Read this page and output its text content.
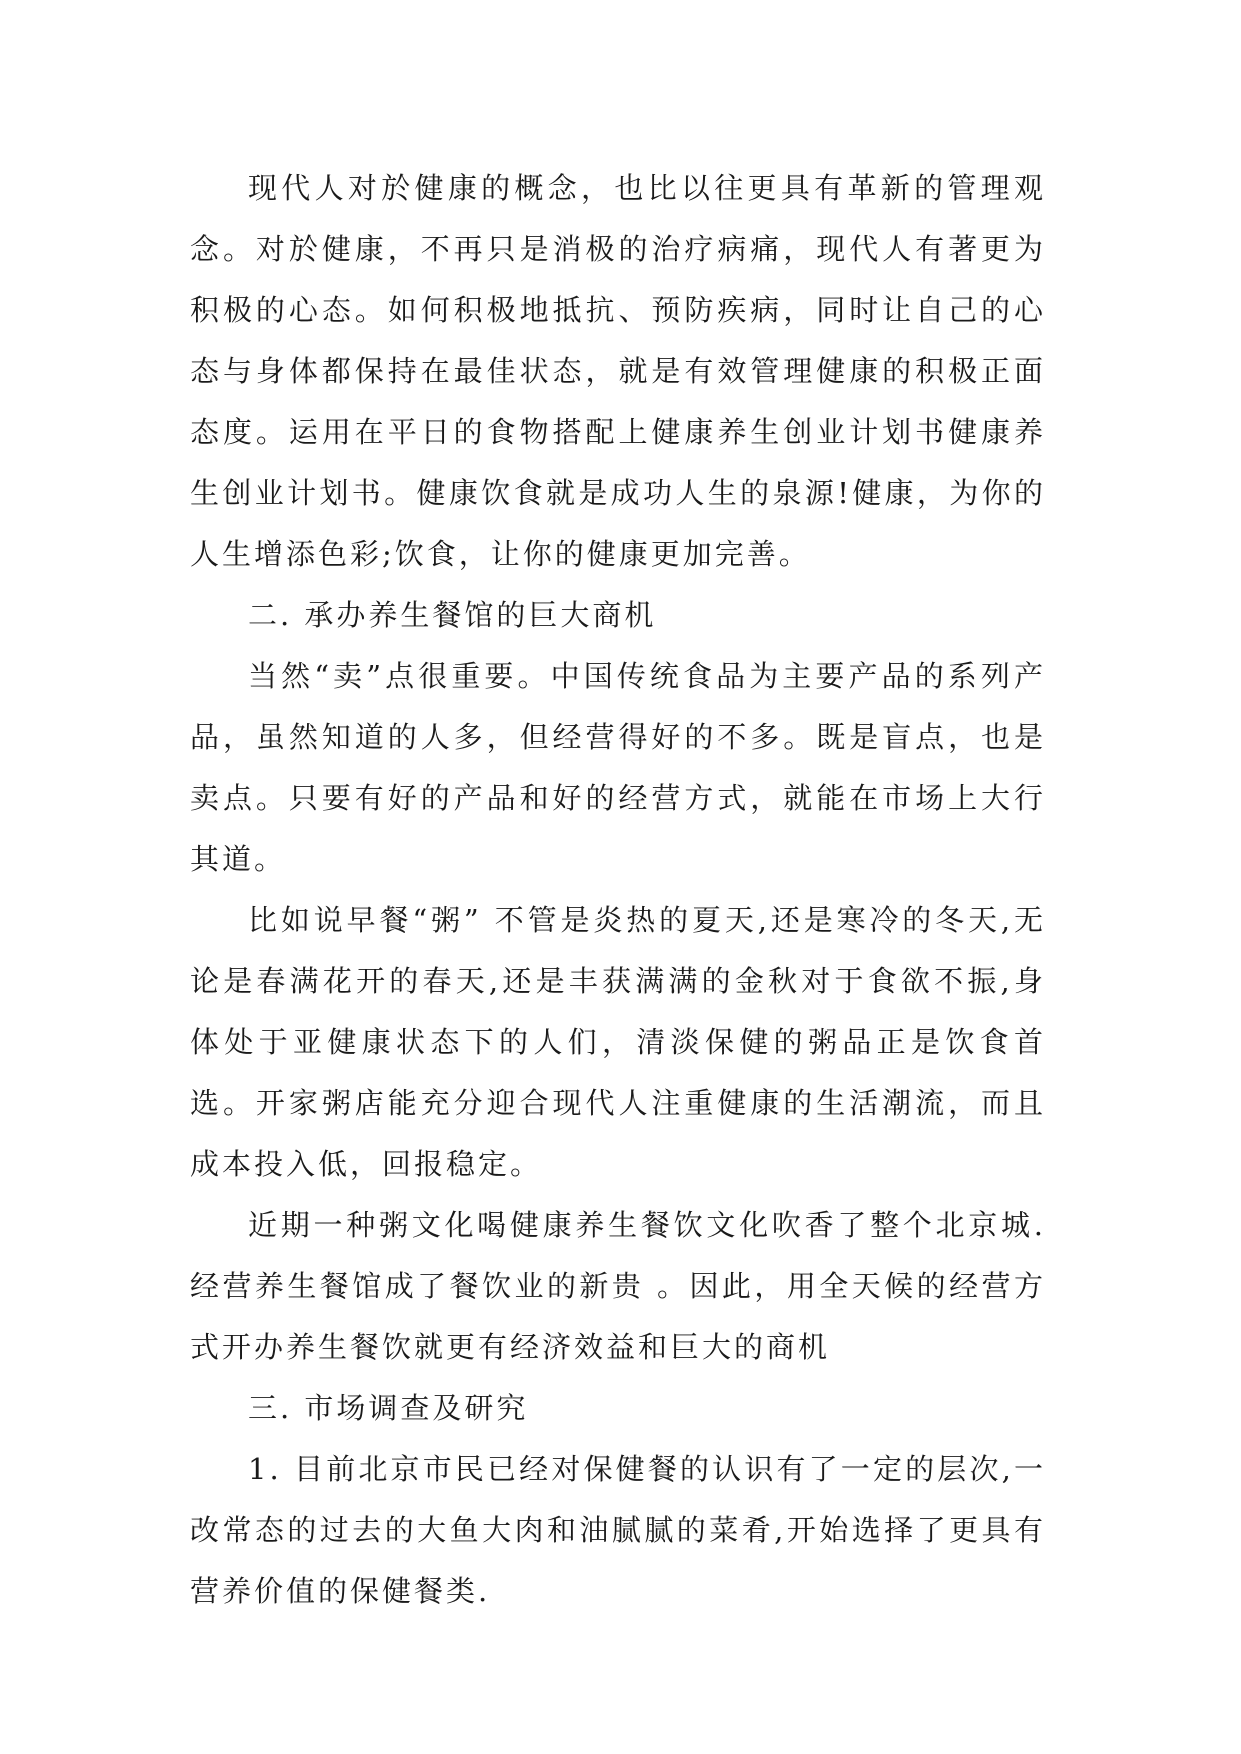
现代人对於健康的概念，也比以往更具有革新的管理观念。对於健康，不再只是消极的治疗病痛，现代人有著更为积极的心态。如何积极地抵抗、预防疾病，同时让自己的心态与身体都保持在最佳状态，就是有效管理健康的积极正面态度。运用在平日的食物搭配上健康养生创业计划书健康养生创业计划书。健康饮食就是成功人生的泉源!健康，为你的人生增添色彩;饮食，让你的健康更加完善。

二. 承办养生餐馆的巨大商机

当然“卖”点很重要。中国传统食品为主要产品的系列产品，虽然知道的人多，但经营得好的不多。既是盲点，也是卖点。只要有好的产品和好的经营方式，就能在市场上大行其道。

比如说早餐“粥” 不管是炎热的夏天,还是寒冷的冬天,无论是春满花开的春天,还是丰获满满的金秋对于食欲不振,身体处于亚健康状态下的人们，清淡保健的粥品正是饮食首选。开家粥店能充分迎合现代人注重健康的生活潮流，而且成本投入低，回报稳定。

近期一种粥文化喝健康养生餐饮文化吹香了整个北京城.经营养生餐馆成了餐饮业的新贵 。因此，用全天候的经营方式开办养生餐饮就更有经济效益和巨大的商机

三. 市场调查及研究

1. 目前北京市民已经对保健餐的认识有了一定的层次,一改常态的过去的大鱼大肉和油腻腻的菜肴,开始选择了更具有营养价值的保健餐类.
